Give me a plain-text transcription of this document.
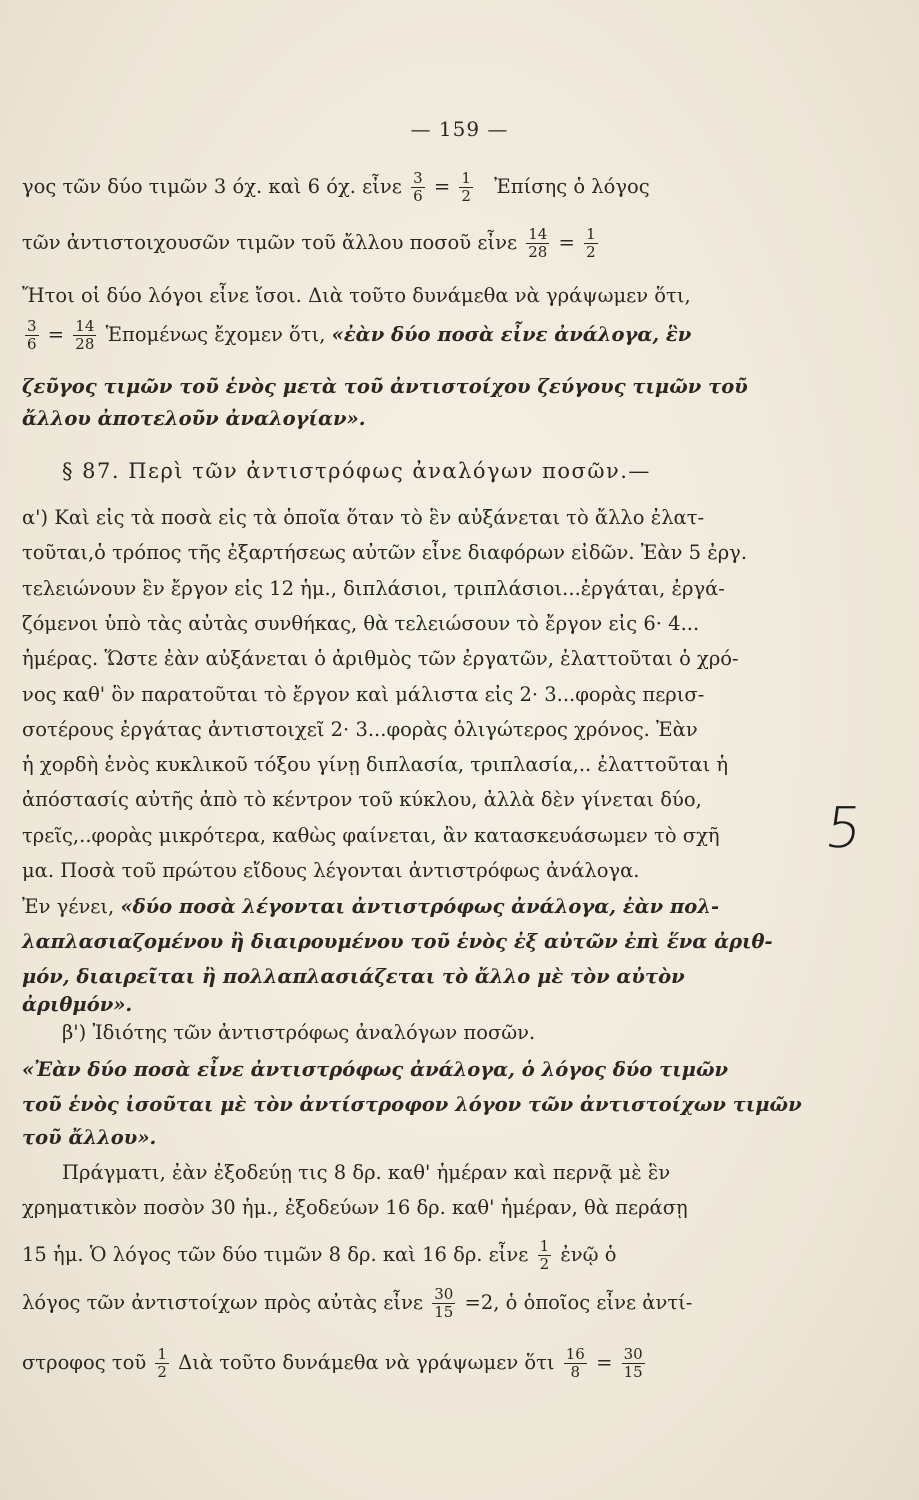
— 159 —
γος τῶν δύο τιμῶν 3 όχ. καὶ 6 όχ. εἶνε $\frac{3}{6} = \frac{1}{2}$ Ἐπίσης ὁ λόγος
τῶν ἀντιστοιχουσῶν τιμῶν τοῦ ἄλλου ποσοῦ εἶνε $\frac{14}{28} = \frac{1}{2}$
Ἤτοι οἱ δύο λόγοι εἶνε ἴσοι. Διὰ τοῦτο δυνάμεθα νὰ γράψωμεν ὅτι,
$\frac{3}{6} = \frac{14}{28}$ Ἑπομένως ἔχομεν ὅτι, «ἐὰν δύο ποσὰ εἶνε ἀνάλογα, ἓν
ζεῦγος τιμῶν τοῦ ἑνὸς μετὰ τοῦ ἀντιστοίχου ζεύγους τιμῶν τοῦ
ἄλλου ἀποτελοῦν ἀναλογίαν».
§ 87. Περὶ τῶν ἀντιστρόφως ἀναλόγων ποσῶν.—
α') Καὶ εἰς τὰ ποσὰ εἰς τὰ ὁποῖα ὅταν τὸ ἓν αὐξάνεται τὸ ἄλλο ἐλατ-
τοῦται,ὁ τρόπος τῆς ἐξαρτήσεως αὐτῶν εἶνε διαφόρων εἰδῶν. Ἐὰν 5 ἐργ.
τελειώνουν ἓν ἔργον εἰς 12 ἡμ., διπλάσιοι, τριπλάσιοι...ἐργάται, ἐργά-
ζόμενοι ὑπὸ τὰς αὐτὰς συνθήκας, θὰ τελειώσουν τὸ ἔργον εἰς 6· 4...
ἡμέρας. Ὥστε ἐὰν αὐξάνεται ὁ ἀριθμὸς τῶν ἐργατῶν, ἐλαττοῦται ὁ χρό-
νος καθ' ὃν παρατοῦται τὸ ἔργον καὶ μάλιστα εἰς 2· 3...φορὰς περισ-
σοτέρους ἐργάτας ἀντιστοιχεῖ 2· 3...φορὰς ὀλιγώτερος χρόνος. Ἐὰν
ἡ χορδὴ ἑνὸς κυκλικοῦ τόξου γίνῃ διπλασία, τριπλασία,.. ἐλαττοῦται ἡ
ἀπόστασίς αὐτῆς ἀπὸ τὸ κέντρον τοῦ κύκλου, ἀλλὰ δὲν γίνεται δύο,
τρεῖς,..φορὰς μικρότερα, καθὼς φαίνεται, ἂν κατασκευάσωμεν τὸ σχῆ
μα. Ποσὰ τοῦ πρώτου εἴδους λέγονται ἀντιστρόφως ἀνάλογα.
Ἐν γένει, «δύο ποσὰ λέγονται ἀντιστρόφως ἀνάλογα, ἐὰν πολ-
λαπλασιαζομένου ἢ διαιρουμένου τοῦ ἑνὸς ἐξ αὐτῶν ἐπὶ ἕνα ἀριθ-
μόν, διαιρεῖται ἢ πολλαπλασιάζεται τὸ ἄλλο μὲ τὸν αὐτὸν
ἀριθμόν».
β') Ἰδιότης τῶν ἀντιστρόφως ἀναλόγων ποσῶν.
«Ἐὰν δύο ποσὰ εἶνε ἀντιστρόφως ἀνάλογα, ὁ λόγος δύο τιμῶν
τοῦ ἑνὸς ἰσοῦται μὲ τὸν ἀντίστροφον λόγον τῶν ἀντιστοίχων τιμῶν
τοῦ ἄλλου».
Πράγματι, ἐὰν ἐξοδεύῃ τις 8 δρ. καθ' ἡμέραν καὶ περνᾷ μὲ ἓν
χρηματικὸν ποσὸν 30 ἡμ., ἐξοδεύων 16 δρ. καθ' ἡμέραν, θὰ περάσῃ
15 ἡμ. Ὁ λόγος τῶν δύο τιμῶν 8 δρ. καὶ 16 δρ. εἶνε $\frac{1}{2}$ ἐνῷ ὁ
λόγος τῶν ἀντιστοίχων πρὸς αὐτὰς εἶνε $\frac{30}{15} =2$, ὁ ὁποῖος εἶνε ἀντί-
στροφος τοῦ $\frac{1}{2}$ Διὰ τοῦτο δυνάμεθα νὰ γράψωμεν ὅτι $\frac{16}{8} = \frac{30}{15}$
5
